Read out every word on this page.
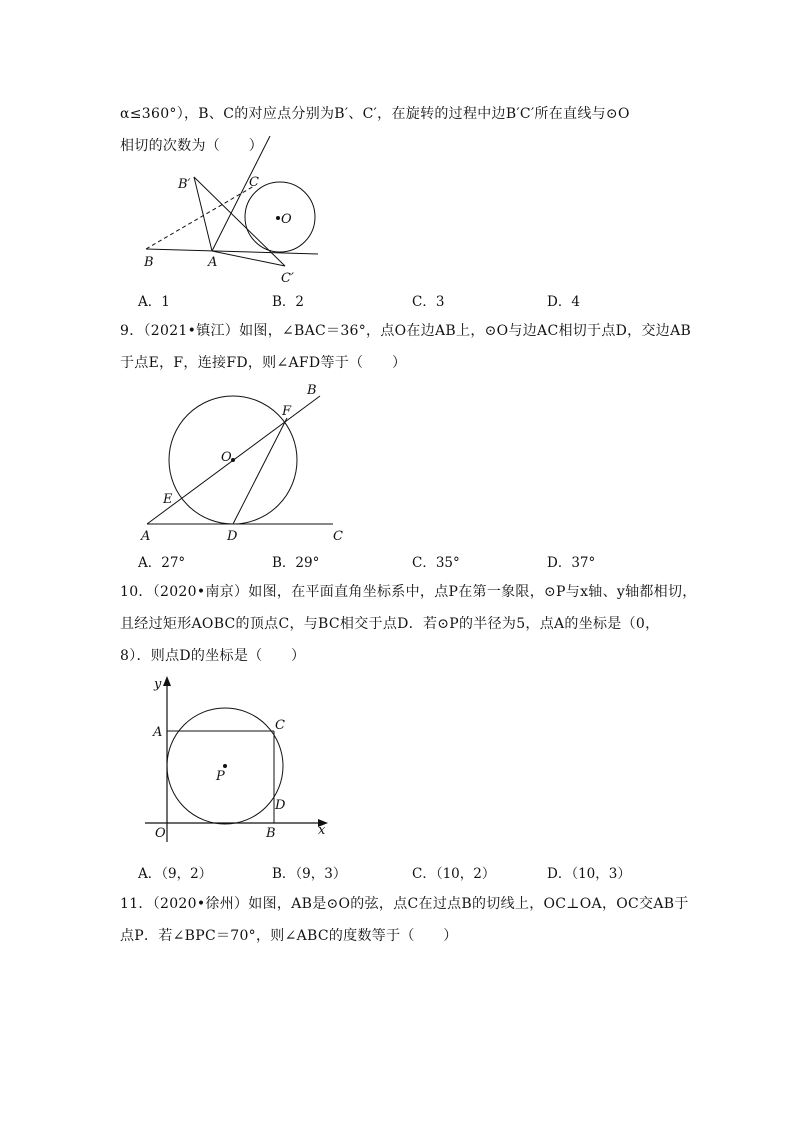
α≤360°），B、C的对应点分别为B′、C′，在旋转的过程中边B′C′所在直线与⊙O
相切的次数为（　　）
B	A
B′	C
C′
O
A．1	B．2	C．3	D．4
9．（2021•镇江）如图，∠BAC＝36°，点O在边AB上，⊙O与边AC相切于点D，交边AB
于点E，F，连接FD，则∠AFD等于（　　）
A
B
C
D
E
F
O
A．27°	B．29°	C．35°	D．37°
10．（2020•南京）如图，在平面直角坐标系中，点P在第一象限，⊙P与x轴、y轴都相切，
且经过矩形AOBC的顶点C，与BC相交于点D．若⊙P的半径为5，点A的坐标是（0，
8）．则点D的坐标是（　　）
y
x
A	C
P
D
O	B
A．（9，2）	B．（9，3）	C．（10，2）	D．（10，3）
11．（2020•徐州）如图，AB是⊙O的弦，点C在过点B的切线上，OC⊥OA，OC交AB于
点P．若∠BPC＝70°，则∠ABC的度数等于（　　）
